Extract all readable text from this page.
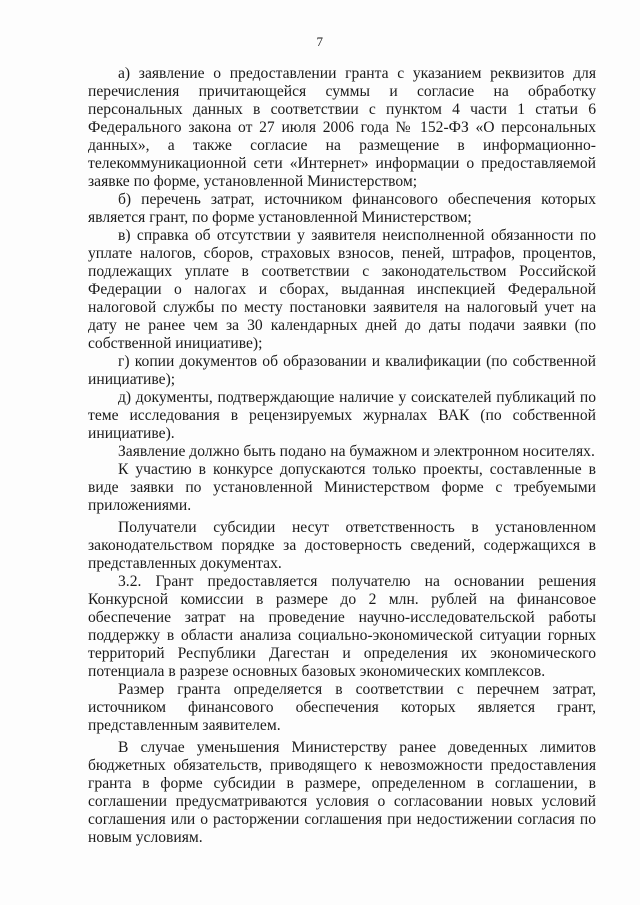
7

а) заявление о предоставлении гранта с указанием реквизитов для перечисления причитающейся суммы и согласие на обработку персональных данных в соответствии с пунктом 4 части 1 статьи 6 Федерального закона от 27 июля 2006 года № 152-ФЗ «О персональных данных», а также согласие на размещение в информационно-телекоммуникационной сети «Интернет» информации о предоставляемой заявке по форме, установленной Министерством;

б) перечень затрат, источником финансового обеспечения которых является грант, по форме установленной Министерством;

в) справка об отсутствии у заявителя неисполненной обязанности по уплате налогов, сборов, страховых взносов, пеней, штрафов, процентов, подлежащих уплате в соответствии с законодательством Российской Федерации о налогах и сборах, выданная инспекцией Федеральной налоговой службы по месту постановки заявителя на налоговый учет на дату не ранее чем за 30 календарных дней до даты подачи заявки (по собственной инициативе);

г) копии документов об образовании и квалификации (по собственной инициативе);

д) документы, подтверждающие наличие у соискателей публикаций по теме исследования в рецензируемых журналах ВАК (по собственной инициативе).

Заявление должно быть подано на бумажном и электронном носителях.

К участию в конкурсе допускаются только проекты, составленные в виде заявки по установленной Министерством форме с требуемыми приложениями.

Получатели субсидии несут ответственность в установленном законодательством порядке за достоверность сведений, содержащихся в представленных документах.

3.2. Грант предоставляется получателю на основании решения Конкурсной комиссии в размере до 2 млн. рублей на финансовое обеспечение затрат на проведение научно-исследовательской работы поддержку в области анализа социально-экономической ситуации горных территорий Республики Дагестан и определения их экономического потенциала в разрезе основных базовых экономических комплексов.

Размер гранта определяется в соответствии с перечнем затрат, источником финансового обеспечения которых является грант, представленным заявителем.

В случае уменьшения Министерству ранее доведенных лимитов бюджетных обязательств, приводящего к невозможности предоставления гранта в форме субсидии в размере, определенном в соглашении, в соглашении предусматриваются условия о согласовании новых условий соглашения или о расторжении соглашения при недостижении согласия по новым условиям.
